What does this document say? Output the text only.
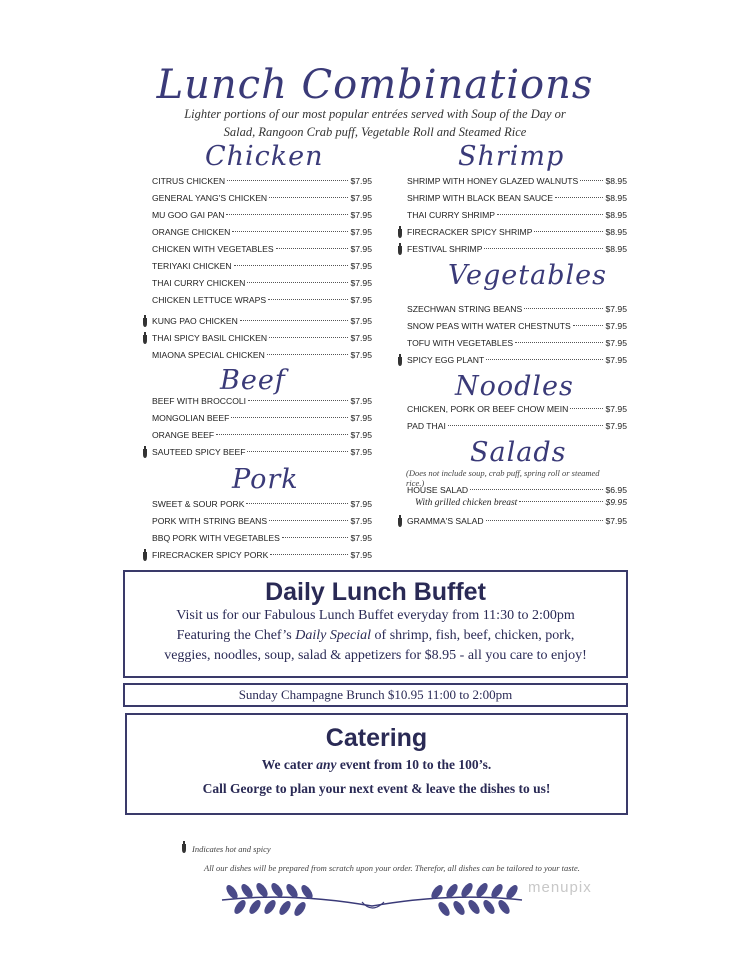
Lunch Combinations
Lighter portions of our most popular entrées served with Soup of the Day or
Salad, Rangoon Crab puff, Vegetable Roll and Steamed Rice
Chicken
Beef
Pork
Shrimp
Vegetables
Noodles
Salads
(Does not include soup, crab puff, spring roll or steamed rice.)
CITRUS CHICKEN	$7.95
GENERAL YANG'S CHICKEN	$7.95
MU GOO GAI PAN	$7.95
ORANGE CHICKEN	$7.95
CHICKEN WITH VEGETABLES	$7.95
TERIYAKI CHICKEN	$7.95
THAI CURRY CHICKEN	$7.95
CHICKEN LETTUCE WRAPS	$7.95
KUNG PAO CHICKEN	$7.95
THAI SPICY BASIL CHICKEN	$7.95
MIAONA SPECIAL CHICKEN	$7.95
BEEF WITH BROCCOLI	$7.95
MONGOLIAN BEEF	$7.95
ORANGE BEEF	$7.95
SAUTEED SPICY BEEF	$7.95
SWEET & SOUR PORK	$7.95
PORK WITH STRING BEANS	$7.95
BBQ PORK WITH VEGETABLES	$7.95
FIRECRACKER SPICY PORK	$7.95
SHRIMP WITH HONEY GLAZED WALNUTS	$8.95
SHRIMP WITH BLACK BEAN SAUCE	$8.95
THAI CURRY SHRIMP	$8.95
FIRECRACKER SPICY SHRIMP	$8.95
FESTIVAL SHRIMP	$8.95
SZECHWAN STRING BEANS	$7.95
SNOW PEAS WITH WATER CHESTNUTS	$7.95
TOFU WITH VEGETABLES	$7.95
SPICY EGG PLANT	$7.95
CHICKEN, PORK OR BEEF CHOW MEIN	$7.95
PAD THAI	$7.95
HOUSE SALAD	$6.95
With grilled chicken breast	$9.95
GRAMMA'S SALAD	$7.95
Daily Lunch Buffet
Visit us for our Fabulous Lunch Buffet everyday from 11:30 to 2:00pm
Featuring the Chef’s Daily Special of shrimp, fish, beef, chicken, pork,
veggies, noodles, soup, salad & appetizers for $8.95 - all you care to enjoy!
Sunday Champagne Brunch $10.95 11:00 to 2:00pm
Catering
We cater any event from 10 to the 100’s.
Call George to plan your next event & leave the dishes to us!
Indicates hot and spicy
All our dishes will be prepared from scratch upon your order. Therefor, all dishes can be tailored to your taste.
menupix
